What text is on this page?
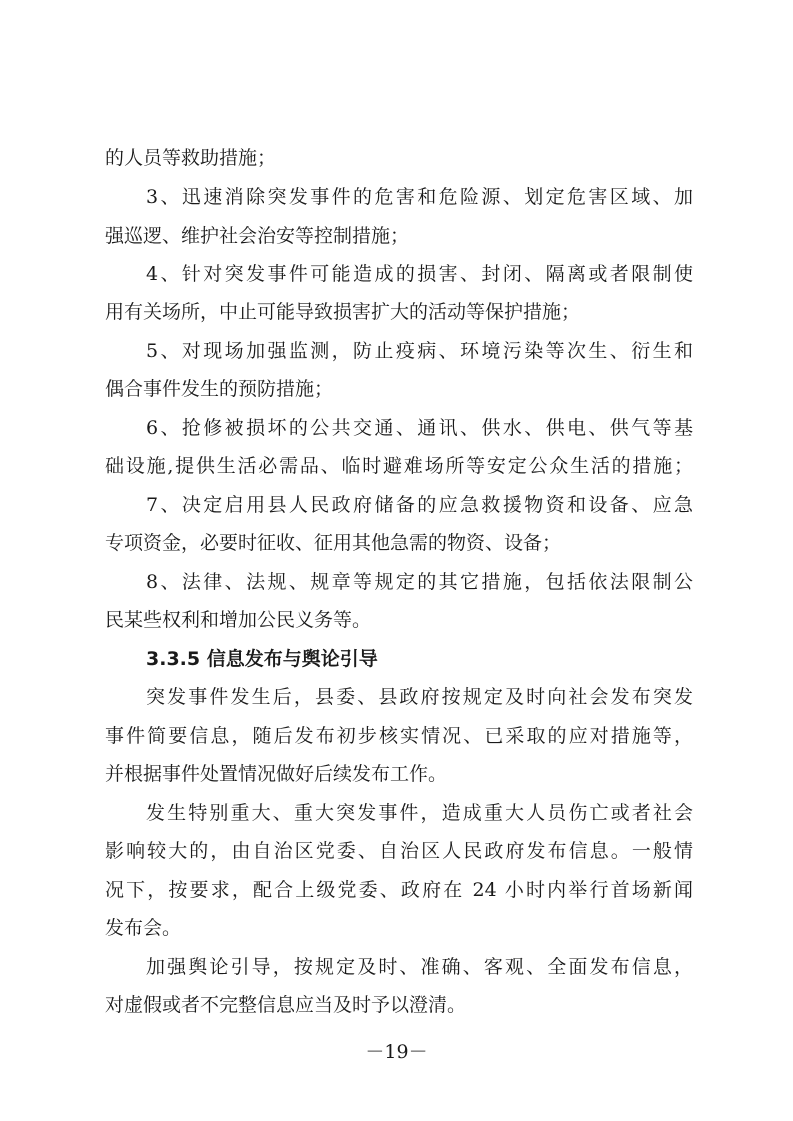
的人员等救助措施；
3、迅速消除突发事件的危害和危险源、划定危害区域、加
强巡逻、维护社会治安等控制措施；
4、针对突发事件可能造成的损害、封闭、隔离或者限制使
用有关场所，中止可能导致损害扩大的活动等保护措施；
5、对现场加强监测，防止疫病、环境污染等次生、衍生和
偶合事件发生的预防措施；
6、抢修被损坏的公共交通、通讯、供水、供电、供气等基
础设施,提供生活必需品、临时避难场所等安定公众生活的措施；
7、决定启用县人民政府储备的应急救援物资和设备、应急
专项资金，必要时征收、征用其他急需的物资、设备；
8、法律、法规、规章等规定的其它措施，包括依法限制公
民某些权利和增加公民义务等。
3.3.5 信息发布与舆论引导
突发事件发生后，县委、县政府按规定及时向社会发布突发
事件简要信息，随后发布初步核实情况、已采取的应对措施等，
并根据事件处置情况做好后续发布工作。
发生特别重大、重大突发事件，造成重大人员伤亡或者社会
影响较大的，由自治区党委、自治区人民政府发布信息。一般情
况下，按要求，配合上级党委、政府在 24 小时内举行首场新闻
发布会。
加强舆论引导，按规定及时、准确、客观、全面发布信息，
对虚假或者不完整信息应当及时予以澄清。
－19－
